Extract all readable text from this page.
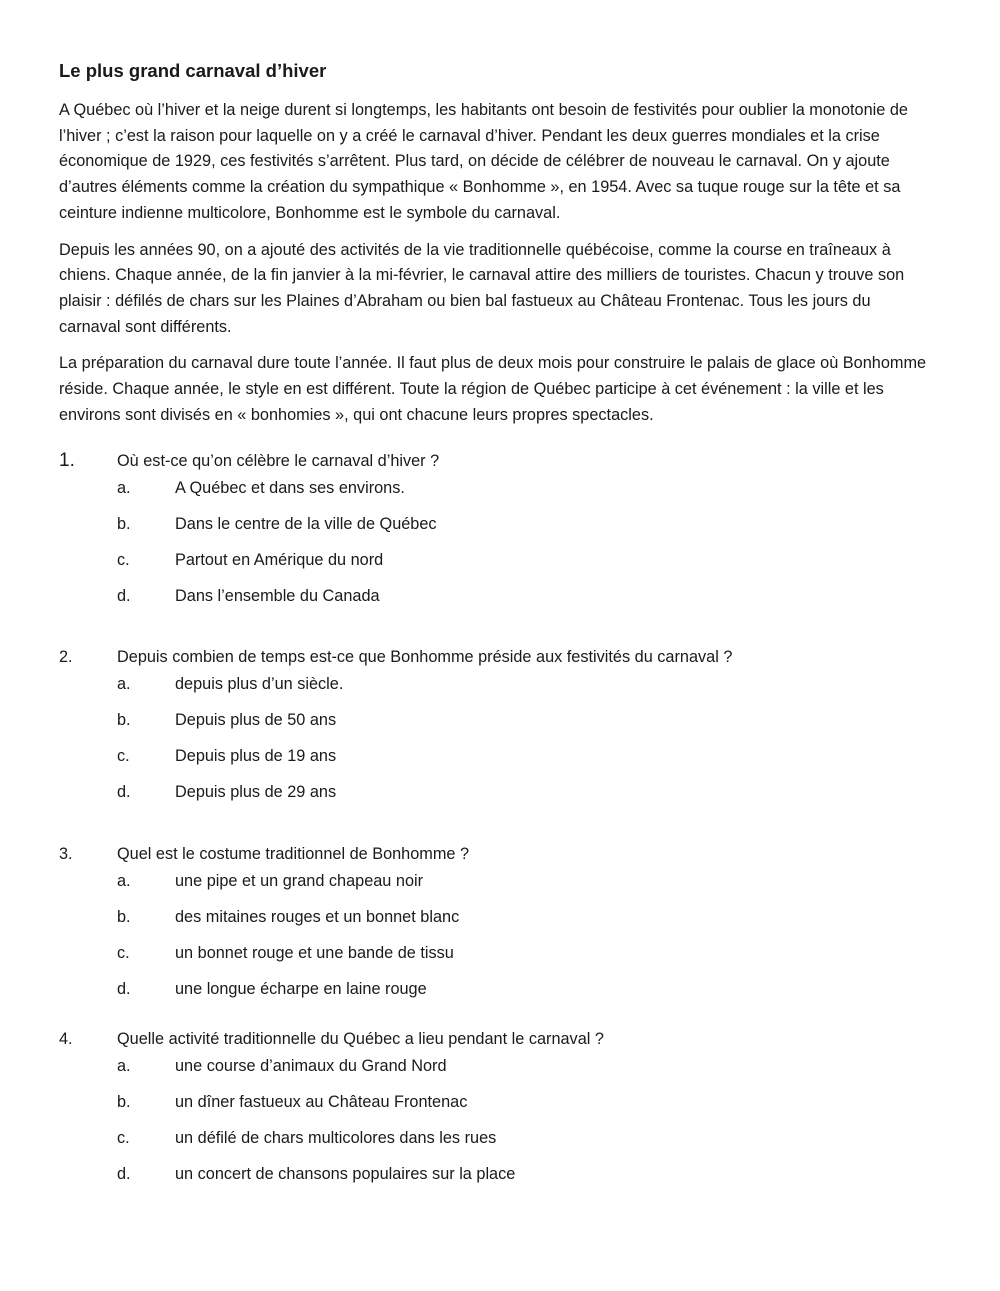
Le plus grand carnaval d’hiver

A Québec où l’hiver et la neige durent si longtemps, les habitants ont besoin de festivités pour oublier la monotonie de l’hiver ; c’est la raison pour laquelle on y a créé le carnaval d’hiver. Pendant les deux guerres mondiales et la crise économique de 1929, ces festivités s’arrêtent. Plus tard, on décide de célébrer de nouveau le carnaval. On y ajoute d’autres éléments comme la création du sympathique « Bonhomme », en 1954. Avec sa tuque rouge sur la tête et sa ceinture indienne multicolore, Bonhomme est le symbole du carnaval.

Depuis les années 90, on a ajouté des activités de la vie traditionnelle québécoise, comme la course en traîneaux à chiens. Chaque année, de la fin janvier à la mi-février, le carnaval attire des milliers de touristes. Chacun y trouve son plaisir : défilés de chars sur les Plaines d’Abraham ou bien bal fastueux au Château Frontenac. Tous les jours du carnaval sont différents.

La préparation du carnaval dure toute l’année. Il faut plus de deux mois pour construire le palais de glace où Bonhomme réside. Chaque année, le style en est différent. Toute la région de Québec participe à cet événement : la ville et les environs sont divisés en « bonhomies », qui ont chacune leurs propres spectacles.

1.	Où est-ce qu’on célèbre le carnaval d’hiver ?
a.	A Québec et dans ses environs.
b.	Dans le centre de la ville de Québec
c.	Partout en Amérique du nord
d.	Dans l’ensemble du Canada
2.	Depuis combien de temps est-ce que Bonhomme préside aux festivités du carnaval ?
a.	depuis plus d’un siècle.
b.	Depuis plus de 50 ans
c.	Depuis plus de 19 ans
d.	Depuis plus de 29 ans
3.	Quel est le costume traditionnel de Bonhomme ?
a.	une pipe et un grand chapeau noir
b.	des mitaines rouges et un bonnet blanc
c.	un bonnet rouge et une bande de tissu
d.	une longue écharpe en laine rouge
4.	Quelle activité traditionnelle du Québec a lieu pendant le carnaval ?
a.	une course d’animaux du Grand Nord
b.	un dîner fastueux au Château Frontenac
c.	un défilé de chars multicolores dans les rues
d.	un concert de chansons populaires sur la place
